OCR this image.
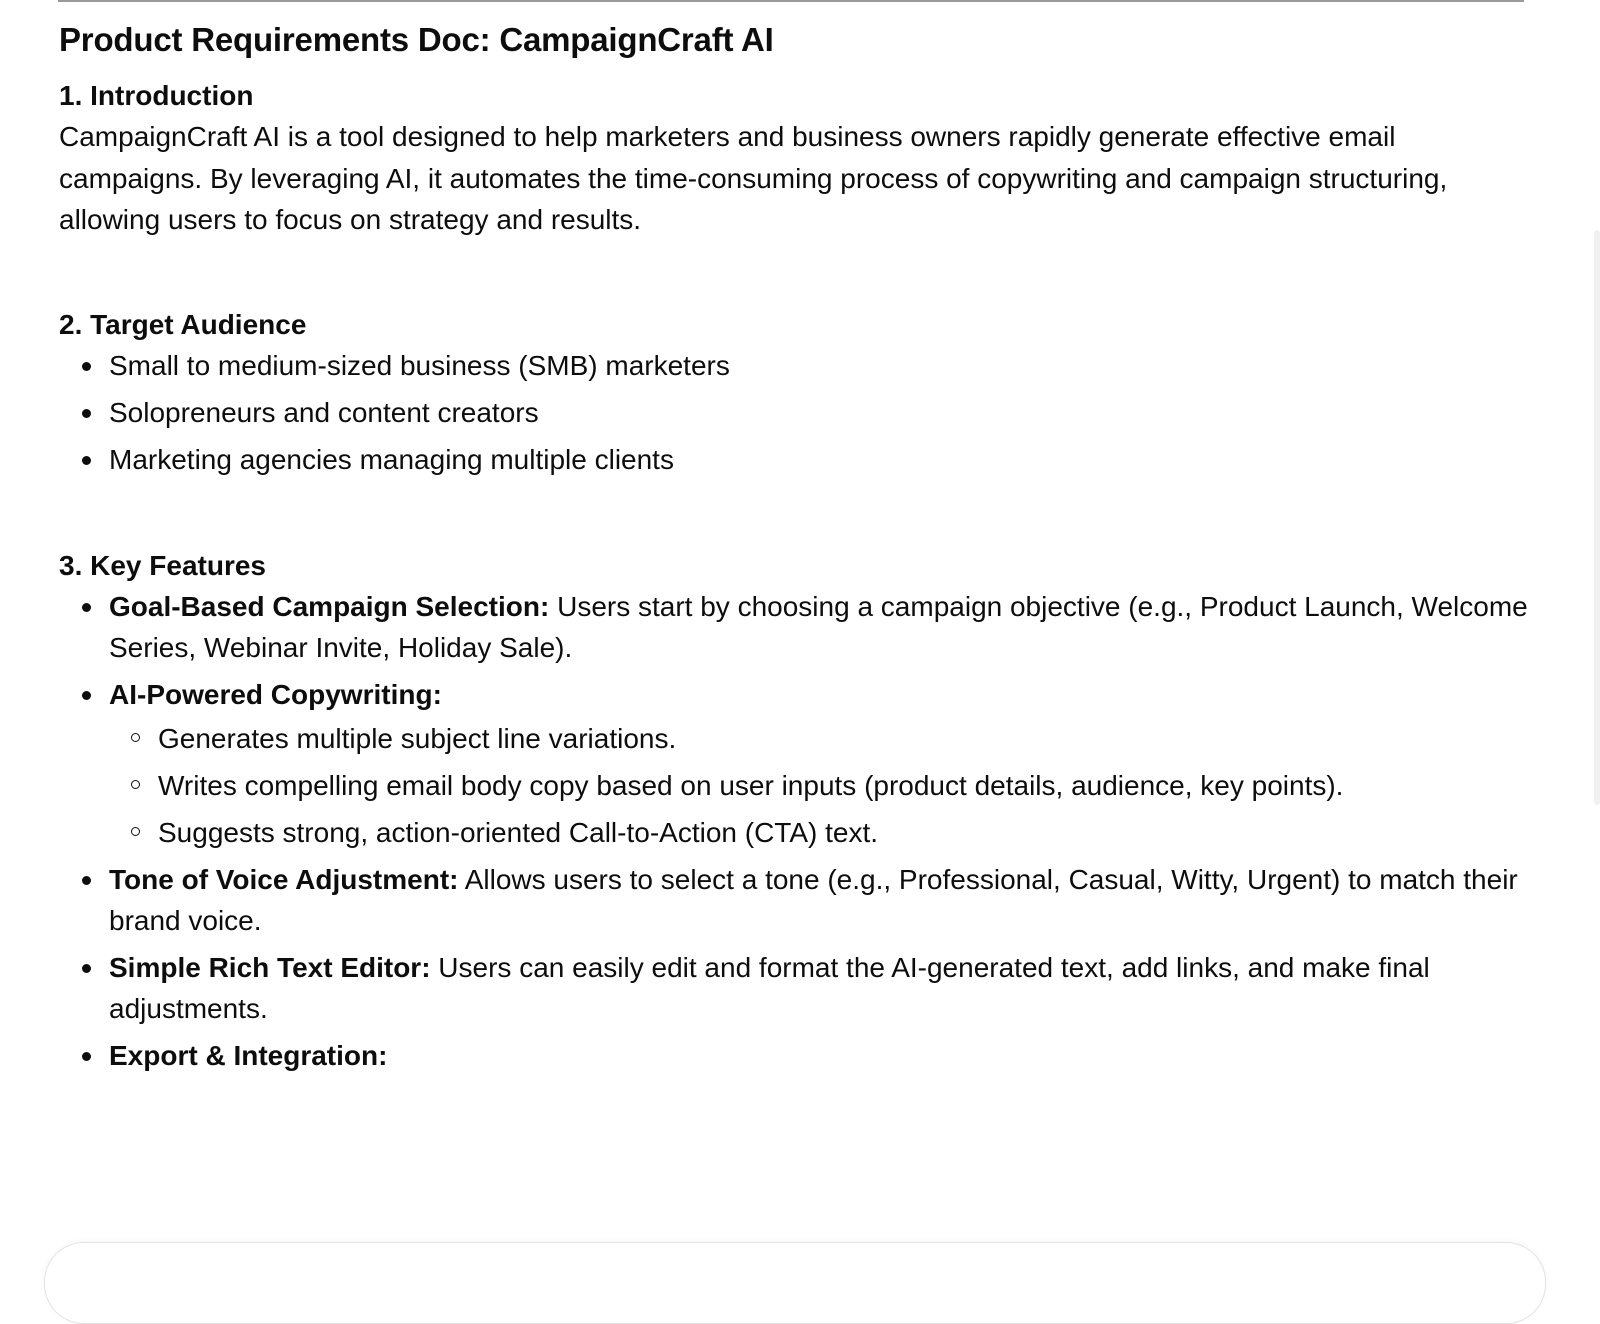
Product Requirements Doc: CampaignCraft AI
1. Introduction

CampaignCraft AI is a tool designed to help marketers and business owners rapidly generate effective email campaigns. By leveraging AI, it automates the time-consuming process of copywriting and campaign structuring, allowing users to focus on strategy and results.

2. Target Audience
Small to medium-sized business (SMB) marketers
Solopreneurs and content creators
Marketing agencies managing multiple clients
3. Key Features
Goal-Based Campaign Selection: Users start by choosing a campaign objective (e.g., Product Launch, Welcome Series, Webinar Invite, Holiday Sale).
AI-Powered Copywriting:
Generates multiple subject line variations.
Writes compelling email body copy based on user inputs (product details, audience, key points).
Suggests strong, action-oriented Call-to-Action (CTA) text.
Tone of Voice Adjustment: Allows users to select a tone (e.g., Professional, Casual, Witty, Urgent) to match their brand voice.
Simple Rich Text Editor: Users can easily edit and format the AI-generated text, add links, and make final adjustments.
Export & Integration:
